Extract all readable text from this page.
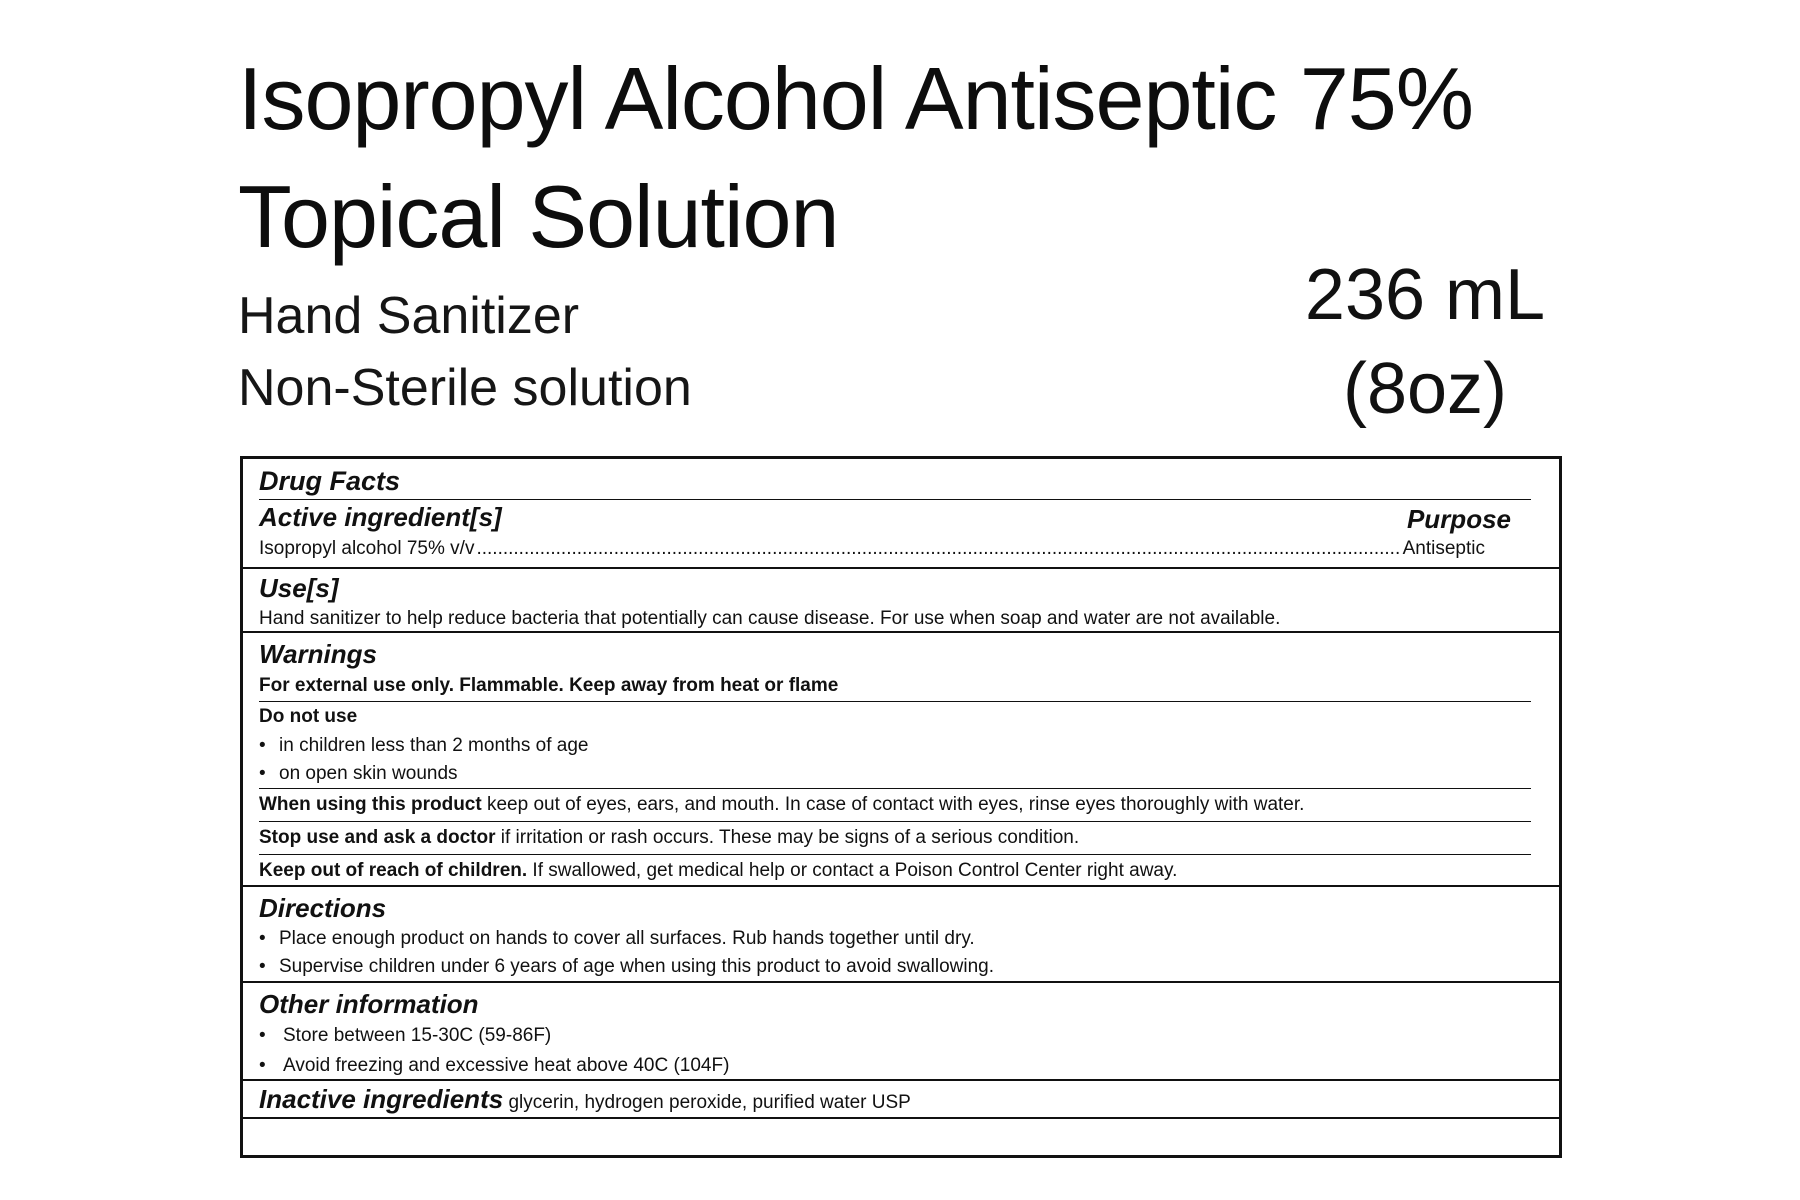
Isopropyl Alcohol Antiseptic 75%
Topical Solution
Hand Sanitizer
Non-Sterile solution
236 mL
(8oz)
Drug Facts
Active ingredient[s]	Purpose
Isopropyl alcohol 75% v/v
.....	Antiseptic
Use[s]
Hand sanitizer to help reduce bacteria that potentially can cause disease. For use when soap and water are not available.
Warnings
For external use only. Flammable. Keep away from heat or flame
Do not use
• in children less than 2 months of age
• on open skin wounds
When using this product keep out of eyes, ears, and mouth. In case of contact with eyes, rinse eyes thoroughly with water.
Stop use and ask a doctor if irritation or rash occurs. These may be signs of a serious condition.
Keep out of reach of children. If swallowed, get medical help or contact a Poison Control Center right away.
Directions
• Place enough product on hands to cover all surfaces. Rub hands together until dry.
• Supervise children under 6 years of age when using this product to avoid swallowing.
Other information
• Store between 15-30C (59-86F)
• Avoid freezing and excessive heat above 40C (104F)
Inactive ingredients glycerin, hydrogen peroxide, purified water USP
